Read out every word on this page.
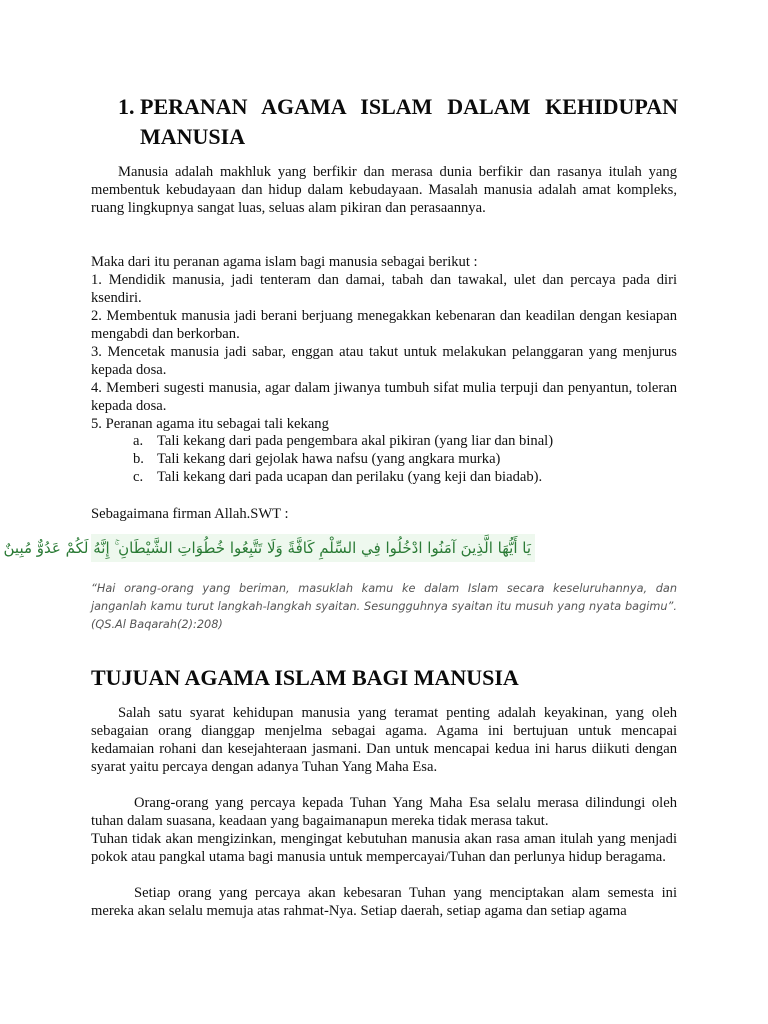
1. PERANAN AGAMA ISLAM DALAM KEHIDUPAN
MANUSIA

Manusia adalah makhluk yang berfikir dan merasa dunia berfikir dan rasanya itulah yang membentuk kebudayaan dan hidup dalam kebudayaan. Masalah manusia adalah amat kompleks, ruang lingkupnya sangat luas, seluas alam pikiran dan perasaannya.

Maka dari itu peranan agama islam bagi manusia sebagai berikut :

1. Mendidik manusia, jadi tenteram dan damai, tabah dan tawakal, ulet dan percaya pada diri ksendiri.

2. Membentuk manusia jadi berani berjuang menegakkan kebenaran dan keadilan dengan kesiapan mengabdi dan berkorban.

3. Mencetak manusia jadi sabar, enggan atau takut untuk melakukan pelanggaran yang menjurus kepada dosa.

4. Memberi sugesti manusia, agar dalam jiwanya tumbuh sifat mulia terpuji dan penyantun, toleran kepada dosa.

5. Peranan agama itu sebagai tali kekang

a. Tali kekang dari pada pengembara akal pikiran (yang liar dan binal)
b. Tali kekang dari gejolak hawa nafsu (yang angkara murka)
c. Tali kekang dari pada ucapan dan perilaku (yang keji dan biadab).

Sebagaimana firman Allah.SWT :

يَا أَيُّهَا الَّذِينَ آمَنُوا ادْخُلُوا فِي السِّلْمِ كَافَّةً وَلَا تَتَّبِعُوا خُطُوَاتِ الشَّيْطَانِ ۚ إِنَّهُ لَكُمْ عَدُوٌّ مُبِينٌ

“Hai orang-orang yang beriman, masuklah kamu ke dalam Islam secara keseluruhannya, dan janganlah kamu turut langkah-langkah syaitan. Sesungguhnya syaitan itu musuh yang nyata bagimu”.(QS.Al Baqarah(2):208)

TUJUAN AGAMA ISLAM BAGI MANUSIA

Salah satu syarat kehidupan manusia yang teramat penting adalah keyakinan, yang oleh sebagaian orang dianggap menjelma sebagai agama. Agama ini bertujuan untuk mencapai kedamaian rohani dan kesejahteraan jasmani. Dan untuk mencapai kedua ini harus diikuti dengan syarat yaitu percaya dengan adanya Tuhan Yang Maha Esa.

Orang-orang yang percaya kepada Tuhan Yang Maha Esa selalu merasa dilindungi oleh tuhan dalam suasana, keadaan yang bagaimanapun mereka tidak merasa takut.

Tuhan tidak akan mengizinkan, mengingat kebutuhan manusia akan rasa aman itulah yang menjadi pokok atau pangkal utama bagi manusia untuk mempercayai/Tuhan dan perlunya hidup beragama.

Setiap orang yang percaya akan kebesaran Tuhan yang menciptakan alam semesta ini mereka akan selalu memuja atas rahmat-Nya. Setiap daerah, setiap agama dan setiap agama
